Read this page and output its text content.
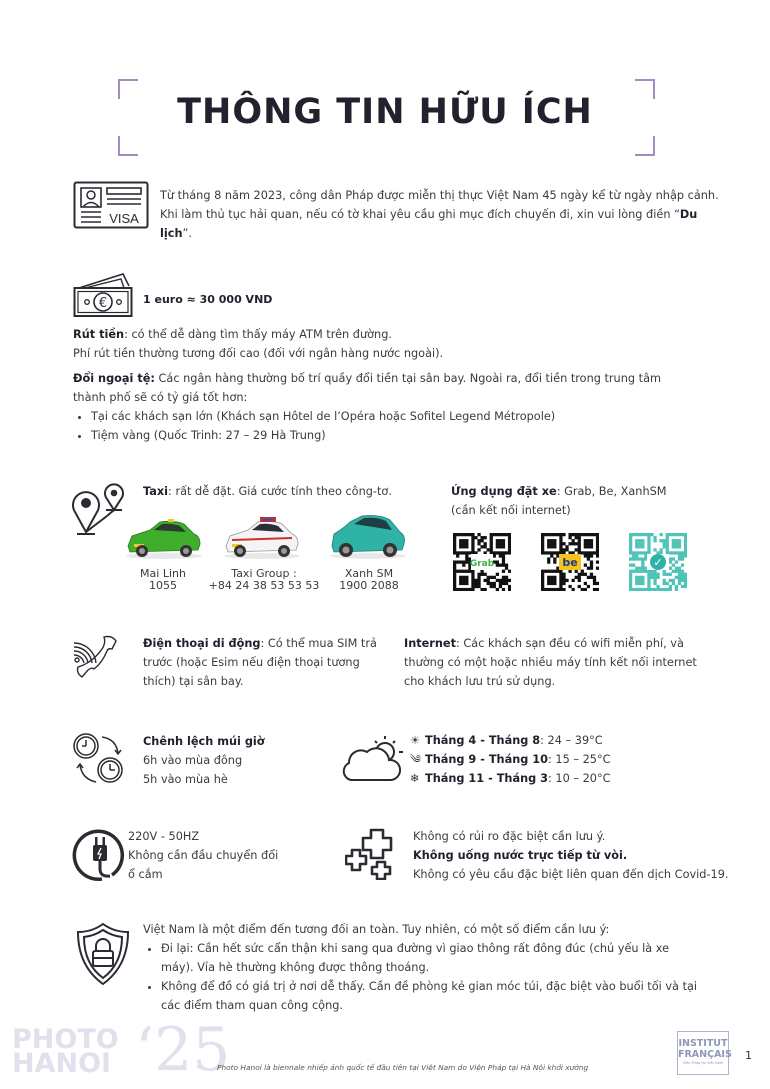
THÔNG TIN HỮU ÍCH
VISA
Từ tháng 8 năm 2023, công dân Pháp được miễn thị thực Việt Nam 45 ngày kể từ ngày nhập cảnh.
Khi làm thủ tục hải quan, nếu có tờ khai yêu cầu ghi mục đích chuyến đi, xin vui lòng điền “Du lịch”.
€	1 euro ≈ 30 000 VND
Rút tiền: có thể dễ dàng tìm thấy máy ATM trên đường.
Phí rút tiền thường tương đối cao (đối với ngân hàng nước ngoài).
Đổi ngoại tệ: Các ngân hàng thường bố trí quầy đổi tiền tại sân bay. Ngoài ra, đổi tiền trong trung tâm thành phố sẽ có tỷ giá tốt hơn:
• Tại các khách sạn lớn (Khách sạn Hôtel de l’Opéra hoặc Sofitel Legend Métropole)
• Tiệm vàng (Quốc Trinh: 27 – 29 Hà Trung)
Taxi: rất dễ đặt. Giá cước tính theo công-tơ.
Mai Linh
1055
Taxi Group :
+84 24 38 53 53 53
Xanh SM
1900 2088
Ứng dụng đặt xe: Grab, Be, XanhSM
(cần kết nối internet)
Grab	be	✓
Điện thoại di động: Có thể mua SIM trả trước (hoặc Esim nếu điện thoại tương thích) tại sân bay.
Internet: Các khách sạn đều có wifi miễn phí, và thường có một hoặc nhiều máy tính kết nối internet cho khách lưu trú sử dụng.
Chênh lệch múi giờ
6h vào mùa đông
5h vào mùa hè
☀ Tháng 4 - Tháng 8: 24 – 39°C
༄ Tháng 9 - Tháng 10: 15 – 25°C
❄ Tháng 11 - Tháng 3: 10 – 20°C
220V - 50HZ
Không cần đầu chuyển đổi
ổ cắm
Không có rủi ro đặc biệt cần lưu ý.
Không uống nước trực tiếp từ vòi.
Không có yêu cầu đặc biệt liên quan đến dịch Covid-19.
Việt Nam là một điểm đến tương đối an toàn. Tuy nhiên, có một số điểm cần lưu ý:
• Đi lại: Cần hết sức cẩn thận khi sang qua đường vì giao thông rất đông đúc (chủ yếu là xe máy). Vỉa hè thường không được thông thoáng.
• Không để đồ có giá trị ở nơi dễ thấy. Cần đề phòng kẻ gian móc túi, đặc biệt vào buổi tối và tại các điểm tham quan công cộng.
PHOTO
HANOI ‘25
Photo Hanoi là biennale nhiếp ảnh quốc tế đầu tiên tại Việt Nam do Viện Pháp tại Hà Nội khởi xướng
INSTITUT
FRANÇAIS
Viện Pháp tại Việt Nam
1
